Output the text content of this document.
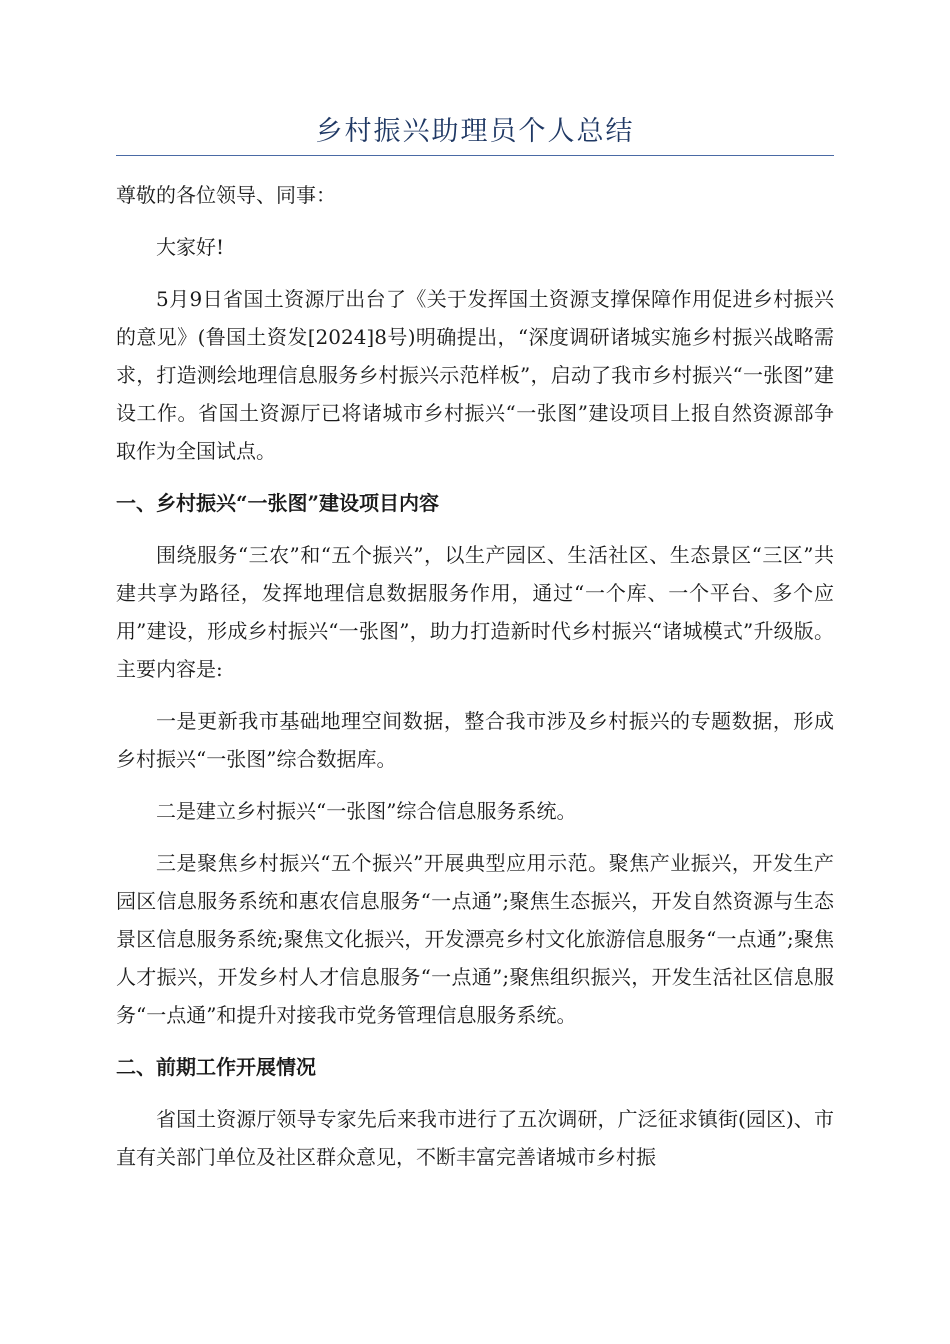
乡村振兴助理员个人总结

尊敬的各位领导、同事：

大家好!

5月9日省国土资源厅出台了《关于发挥国土资源支撑保障作用促进乡村振兴的意见》(鲁国土资发[2024]8号)明确提出，“深度调研诸城实施乡村振兴战略需求，打造测绘地理信息服务乡村振兴示范样板”，启动了我市乡村振兴“一张图”建设工作。省国土资源厅已将诸城市乡村振兴“一张图”建设项目上报自然资源部争取作为全国试点。

一、乡村振兴“一张图”建设项目内容

围绕服务“三农”和“五个振兴”，以生产园区、生活社区、生态景区“三区”共建共享为路径，发挥地理信息数据服务作用，通过“一个库、一个平台、多个应用”建设，形成乡村振兴“一张图”，助力打造新时代乡村振兴“诸城模式”升级版。主要内容是:

一是更新我市基础地理空间数据，整合我市涉及乡村振兴的专题数据，形成乡村振兴“一张图”综合数据库。

二是建立乡村振兴“一张图”综合信息服务系统。

三是聚焦乡村振兴“五个振兴”开展典型应用示范。聚焦产业振兴，开发生产园区信息服务系统和惠农信息服务“一点通”;聚焦生态振兴，开发自然资源与生态景区信息服务系统;聚焦文化振兴，开发漂亮乡村文化旅游信息服务“一点通”;聚焦人才振兴，开发乡村人才信息服务“一点通”;聚焦组织振兴，开发生活社区信息服务“一点通”和提升对接我市党务管理信息服务系统。

二、前期工作开展情况

省国土资源厅领导专家先后来我市进行了五次调研，广泛征求镇街(园区)、市直有关部门单位及社区群众意见，不断丰富完善诸城市乡村振
